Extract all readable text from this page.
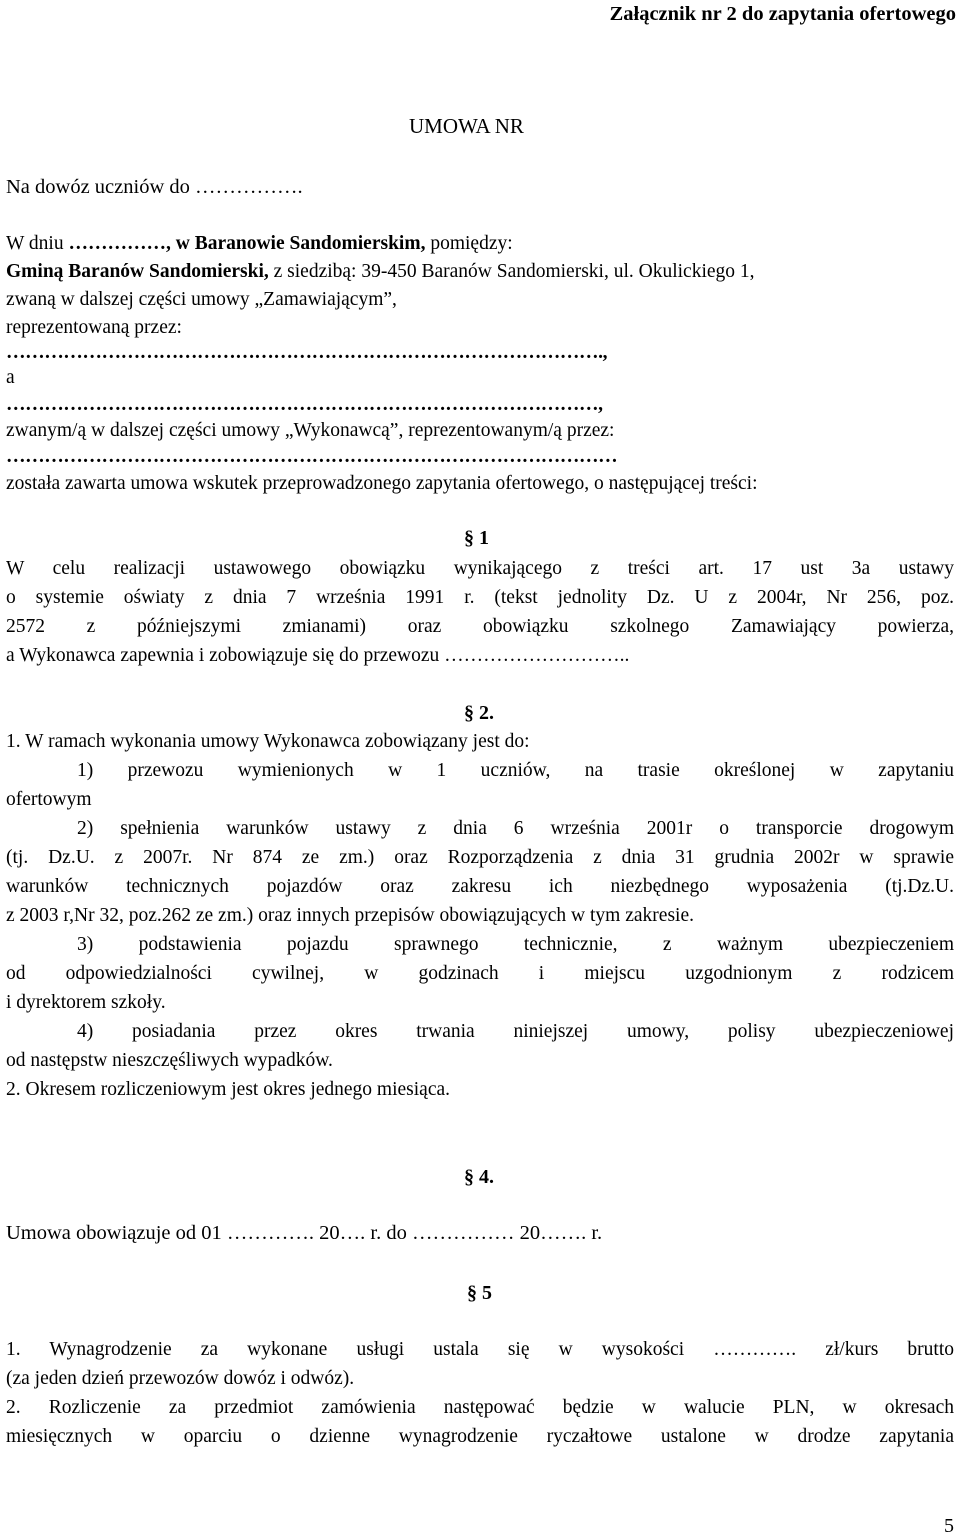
Załącznik nr 2 do zapytania ofertowego
UMOWA NR
Na dowóz uczniów do …………….
W dniu ……………, w Baranowie Sandomierskim, pomiędzy:
Gminą Baranów Sandomierski, z siedzibą: 39-450 Baranów Sandomierski, ul. Okulickiego 1,
zwaną w dalszej części umowy „Zamawiającym”,
reprezentowaną przez:
………………………………………………………………………………….,
a
…………………………………………………………………………………,
zwanym/ą w dalszej części umowy „Wykonawcą”, reprezentowanym/ą przez:
……………………………………………………………………………………
została zawarta umowa wskutek przeprowadzonego zapytania ofertowego, o następującej treści:
§ 1
W celu realizacji ustawowego obowiązku wynikającego z treści art. 17 ust 3a ustawy
o systemie oświaty z dnia 7 września 1991 r. (tekst jednolity Dz. U z 2004r, Nr 256, poz.
2572 z późniejszymi zmianami) oraz obowiązku szkolnego Zamawiający powierza,
a Wykonawca zapewnia i zobowiązuje się do przewozu ………………………..
§ 2.
1. W ramach wykonania umowy Wykonawca zobowiązany jest do:
1) przewozu wymienionych w 1 uczniów, na trasie określonej w zapytaniu
ofertowym
2) spełnienia warunków ustawy z dnia 6 września 2001r o transporcie drogowym
(tj. Dz.U. z 2007r. Nr 874 ze zm.) oraz Rozporządzenia z dnia 31 grudnia 2002r w sprawie
warunków technicznych pojazdów oraz zakresu ich niezbędnego wyposażenia (tj.Dz.U.
z 2003 r,Nr 32, poz.262 ze zm.) oraz innych przepisów obowiązujących w tym zakresie.
3) podstawienia pojazdu sprawnego technicznie, z ważnym ubezpieczeniem
od odpowiedzialności cywilnej, w godzinach i miejscu uzgodnionym z rodzicem
i dyrektorem szkoły.
4) posiadania przez okres trwania niniejszej umowy, polisy ubezpieczeniowej
od następstw nieszczęśliwych wypadków.
2. Okresem rozliczeniowym jest okres jednego miesiąca.
§ 4.
Umowa obowiązuje od 01 …………. 20…. r. do …………… 20……. r.
§ 5
1. Wynagrodzenie za wykonane usługi ustala się w wysokości …………. zł/kurs brutto
(za jeden dzień przewozów dowóz i odwóz).
2. Rozliczenie za przedmiot zamówienia następować będzie w walucie PLN, w okresach
miesięcznych w oparciu o dzienne wynagrodzenie ryczałtowe ustalone w drodze zapytania
5
